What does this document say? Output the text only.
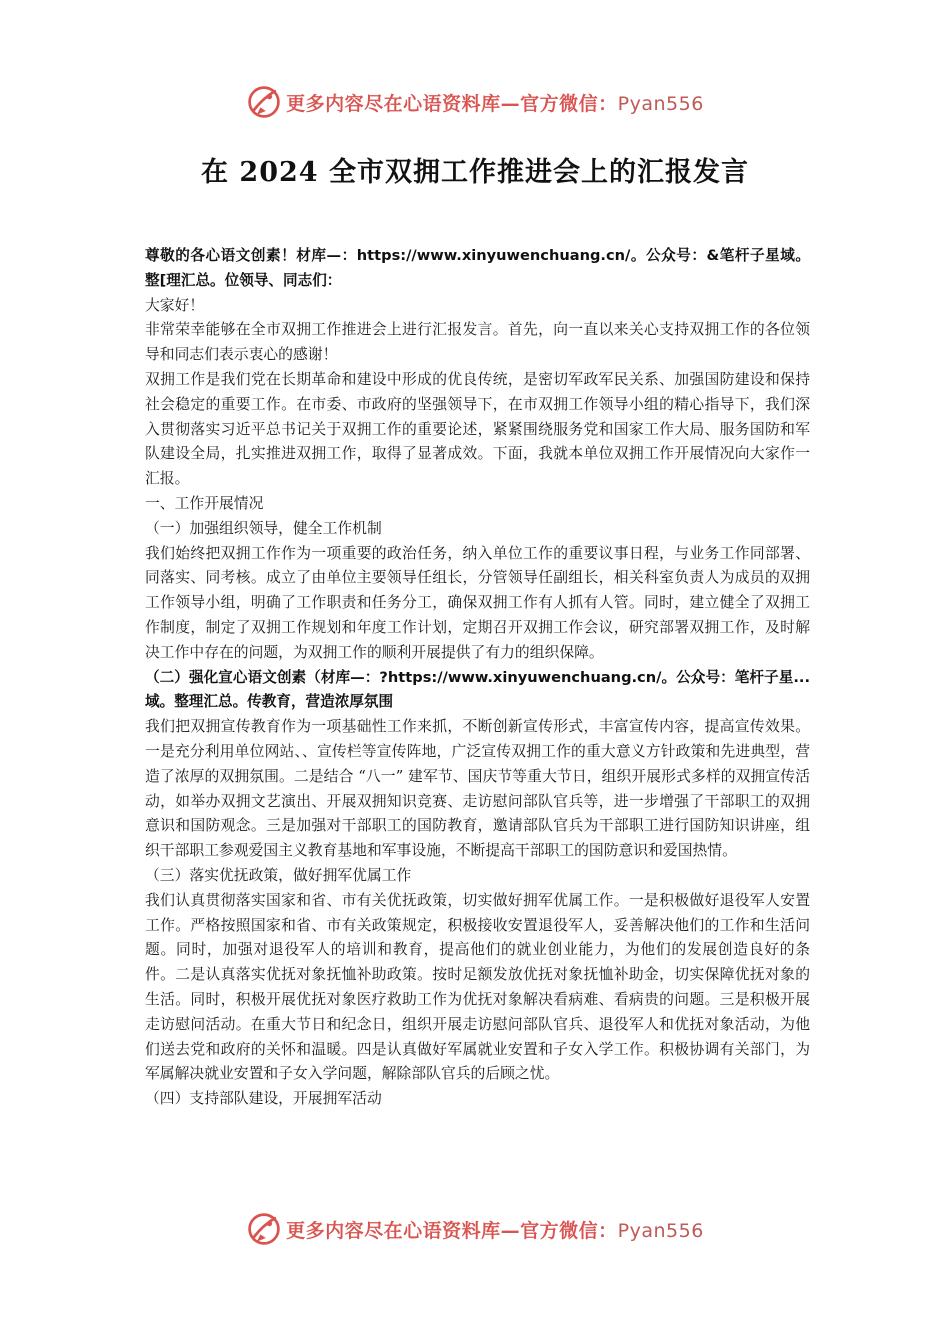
更多内容尽在心语资料库—官方微信：Pyan556
在 2024 全市双拥工作推进会上的汇报发言

尊敬的各心语文创素！材库—：https://www.xinyuwenchuang.cn/。公众号：&笔杆子星域。整[理汇总。位领导、同志们：

大家好！

非常荣幸能够在全市双拥工作推进会上进行汇报发言。首先，向一直以来关心支持双拥工作的各位领导和同志们表示衷心的感谢！

双拥工作是我们党在长期革命和建设中形成的优良传统，是密切军政军民关系、加强国防建设和保持社会稳定的重要工作。在市委、市政府的坚强领导下，在市双拥工作领导小组的精心指导下，我们深入贯彻落实习近平总书记关于双拥工作的重要论述，紧紧围绕服务党和国家工作大局、服务国防和军队建设全局，扎实推进双拥工作，取得了显著成效。下面，我就本单位双拥工作开展情况向大家作一汇报。

一、工作开展情况

（一）加强组织领导，健全工作机制

我们始终把双拥工作作为一项重要的政治任务，纳入单位工作的重要议事日程，与业务工作同部署、同落实、同考核。成立了由单位主要领导任组长，分管领导任副组长，相关科室负责人为成员的双拥工作领导小组，明确了工作职责和任务分工，确保双拥工作有人抓有人管。同时，建立健全了双拥工作制度，制定了双拥工作规划和年度工作计划，定期召开双拥工作会议，研究部署双拥工作，及时解决工作中存在的问题，为双拥工作的顺利开展提供了有力的组织保障。

（二）强化宣心语文创素（材库—：?https://www.xinyuwenchuang.cn/。公众号：笔杆子星...域。整理汇总。传教育，营造浓厚氛围

我们把双拥宣传教育作为一项基础性工作来抓，不断创新宣传形式，丰富宣传内容，提高宣传效果。一是充分利用单位网站、、宣传栏等宣传阵地，广泛宣传双拥工作的重大意义方针政策和先进典型，营造了浓厚的双拥氛围。二是结合 “八一” 建军节、国庆节等重大节日，组织开展形式多样的双拥宣传活动，如举办双拥文艺演出、开展双拥知识竞赛、走访慰问部队官兵等，进一步增强了干部职工的双拥意识和国防观念。三是加强对干部职工的国防教育，邀请部队官兵为干部职工进行国防知识讲座，组织干部职工参观爱国主义教育基地和军事设施，不断提高干部职工的国防意识和爱国热情。

（三）落实优抚政策，做好拥军优属工作

我们认真贯彻落实国家和省、市有关优抚政策，切实做好拥军优属工作。一是积极做好退役军人安置工作。严格按照国家和省、市有关政策规定，积极接收安置退役军人，妥善解决他们的工作和生活问题。同时，加强对退役军人的培训和教育，提高他们的就业创业能力，为他们的发展创造良好的条件。二是认真落实优抚对象抚恤补助政策。按时足额发放优抚对象抚恤补助金，切实保障优抚对象的生活。同时，积极开展优抚对象医疗救助工作为优抚对象解决看病难、看病贵的问题。三是积极开展走访慰问活动。在重大节日和纪念日，组织开展走访慰问部队官兵、退役军人和优抚对象活动，为他们送去党和政府的关怀和温暖。四是认真做好军属就业安置和子女入学工作。积极协调有关部门，为军属解决就业安置和子女入学问题，解除部队官兵的后顾之忧。

（四）支持部队建设，开展拥军活动

更多内容尽在心语资料库—官方微信：Pyan556
